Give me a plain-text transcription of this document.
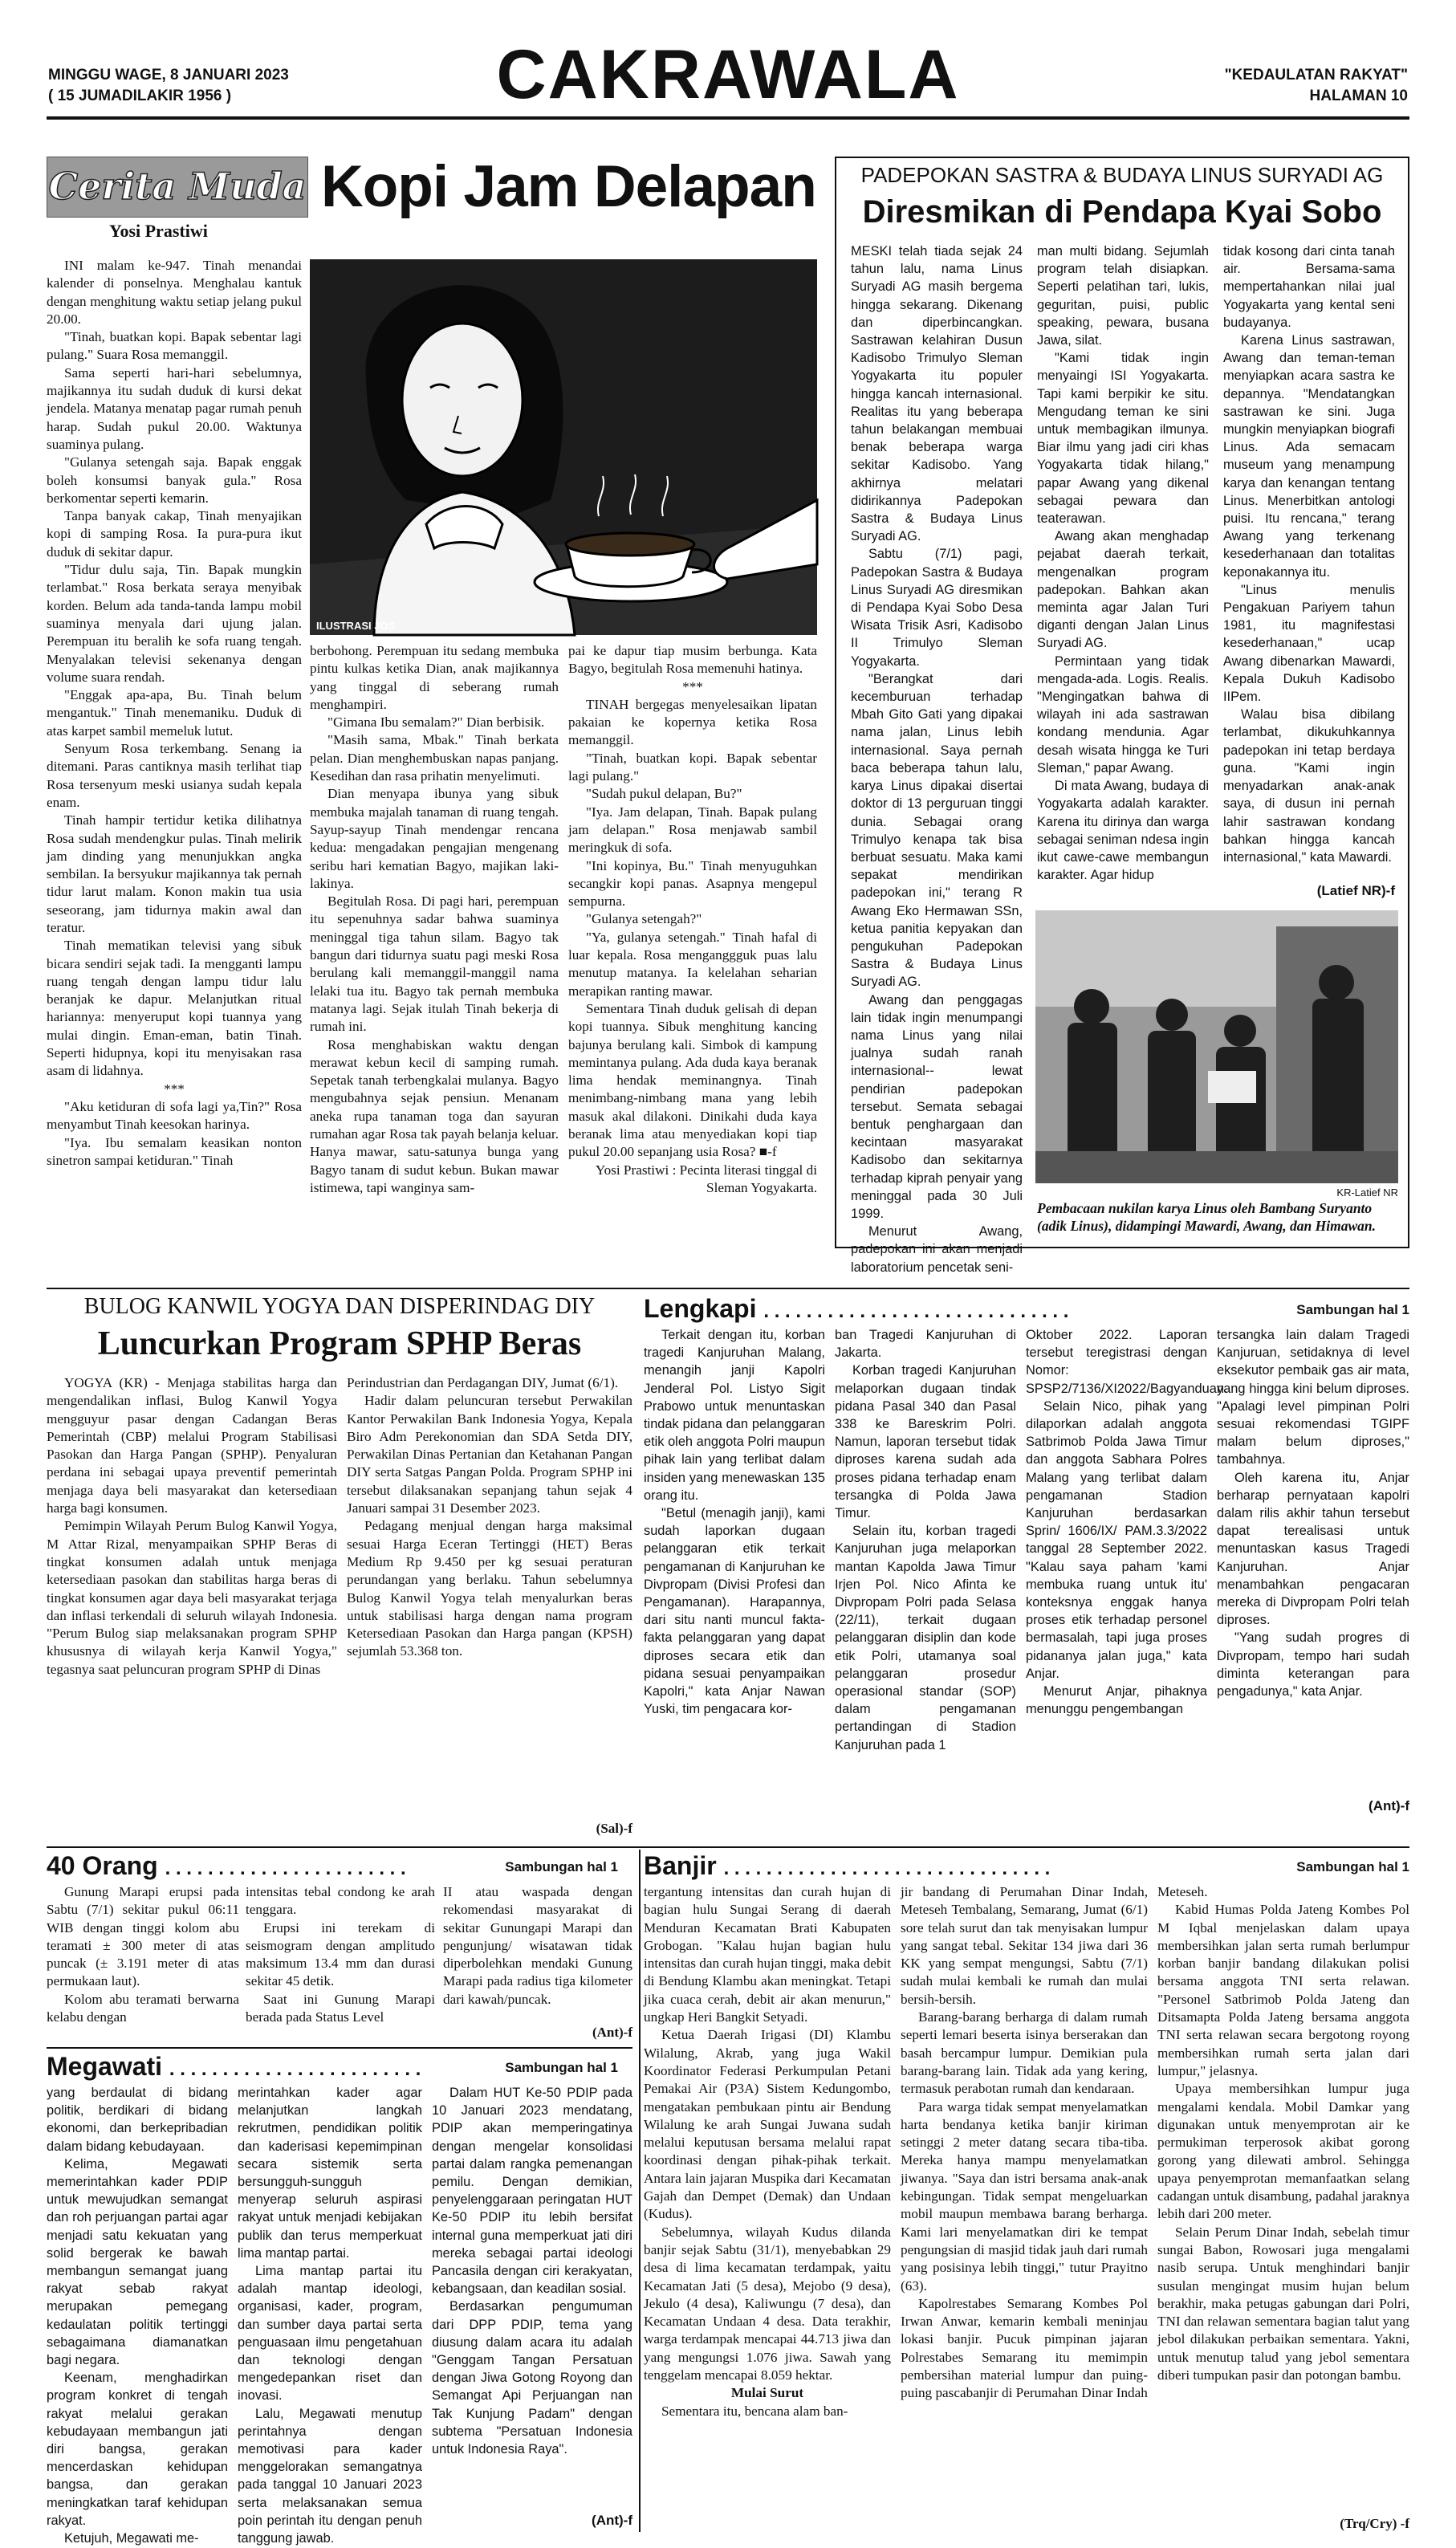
MINGGU WAGE, 8 JANUARI 2023
( 15 JUMADILAKIR 1956 )	CAKRAWALA	"KEDAULATAN RAKYAT"
HALAMAN 10
Cerita Muda Kopi Jam Delapan
Yosi Prastiwi
ILUSTRASI JOS

INI malam ke-947. Tinah menandai kalender di ponselnya. Menghalau kantuk dengan menghitung waktu setiap jelang pukul 20.00.

"Tinah, buatkan kopi. Bapak sebentar lagi pulang." Suara Rosa memanggil.

Sama seperti hari-hari sebelumnya, majikannya itu sudah duduk di kursi dekat jendela. Matanya menatap pagar rumah penuh harap. Sudah pukul 20.00. Waktunya suaminya pulang.

"Gulanya setengah saja. Bapak enggak boleh konsumsi banyak gula." Rosa berkomentar seperti kemarin.

Tanpa banyak cakap, Tinah menyajikan kopi di samping Rosa. Ia pura-pura ikut duduk di sekitar dapur.

"Tidur dulu saja, Tin. Bapak mungkin terlambat." Rosa berkata seraya menyibak korden. Belum ada tanda-tanda lampu mobil suaminya menyala dari ujung jalan. Perempuan itu beralih ke sofa ruang tengah. Menyalakan televisi sekenanya dengan volume suara rendah.

"Enggak apa-apa, Bu. Tinah belum mengantuk." Tinah menemaniku. Duduk di atas karpet sambil memeluk lutut.

Senyum Rosa terkembang. Senang ia ditemani. Paras cantiknya masih terlihat tiap Rosa tersenyum meski usianya sudah kepala enam.

Tinah hampir tertidur ketika dilihatnya Rosa sudah mendengkur pulas. Tinah melirik jam dinding yang menunjukkan angka sembilan. Ia bersyukur majikannya tak pernah tidur larut malam. Konon makin tua usia seseorang, jam tidurnya makin awal dan teratur.

Tinah mematikan televisi yang sibuk bicara sendiri sejak tadi. Ia mengganti lampu ruang tengah dengan lampu tidur lalu beranjak ke dapur. Melanjutkan ritual hariannya: menyeruput kopi tuannya yang mulai dingin. Eman-eman, batin Tinah. Seperti hidupnya, kopi itu menyisakan rasa asam di lidahnya.

***

"Aku ketiduran di sofa lagi ya,Tin?" Rosa menyambut Tinah keesokan harinya.

"Iya. Ibu semalam keasikan nonton sinetron sampai ketiduran." Tinah

berbohong. Perempuan itu sedang membuka pintu kulkas ketika Dian, anak majikannya yang tinggal di seberang rumah menghampiri.

"Gimana Ibu semalam?" Dian berbisik.

"Masih sama, Mbak." Tinah berkata pelan. Dian menghembuskan napas panjang. Kesedihan dan rasa prihatin menyelimuti.

Dian menyapa ibunya yang sibuk membuka majalah tanaman di ruang tengah. Sayup-sayup Tinah mendengar rencana kedua: mengadakan pengajian mengenang seribu hari kematian Bagyo, majikan laki-lakinya.

Begitulah Rosa. Di pagi hari, perempuan itu sepenuhnya sadar bahwa suaminya meninggal tiga tahun silam. Bagyo tak bangun dari tidurnya suatu pagi meski Rosa berulang kali memanggil-manggil nama lelaki tua itu. Bagyo tak pernah membuka matanya lagi. Sejak itulah Tinah bekerja di rumah ini.

Rosa menghabiskan waktu dengan merawat kebun kecil di samping rumah. Sepetak tanah terbengkalai mulanya. Bagyo mengubahnya sejak pensiun. Menanam aneka rupa tanaman toga dan sayuran rumahan agar Rosa tak payah belanja keluar. Hanya mawar, satu-satunya bunga yang Bagyo tanam di sudut kebun. Bukan mawar istimewa, tapi wanginya sam-

pai ke dapur tiap musim berbunga. Kata Bagyo, begitulah Rosa memenuhi hatinya.

***

TINAH bergegas menyelesaikan lipatan pakaian ke kopernya ketika Rosa memanggil.

"Tinah, buatkan kopi. Bapak sebentar lagi pulang."

"Sudah pukul delapan, Bu?"

"Iya. Jam delapan, Tinah. Bapak pulang jam delapan." Rosa menjawab sambil meringkuk di sofa.

"Ini kopinya, Bu." Tinah menyuguhkan secangkir kopi panas. Asapnya mengepul sempurna.

"Gulanya setengah?"

"Ya, gulanya setengah." Tinah hafal di luar kepala. Rosa menganggguk puas lalu menutup matanya. Ia kelelahan seharian merapikan ranting mawar.

Sementara Tinah duduk gelisah di depan kopi tuannya. Sibuk menghitung kancing bajunya berulang kali. Simbok di kampung memintanya pulang. Ada duda kaya beranak lima hendak meminangnya. Tinah menimbang-nimbang mana yang lebih masuk akal dilakoni. Dinikahi duda kaya beranak lima atau menyediakan kopi tiap pukul 20.00 sepanjang usia Rosa? ■-f

Yosi Prastiwi : Pecinta literasi tinggal di Sleman Yogyakarta.

PADEPOKAN SASTRA & BUDAYA LINUS SURYADI AG
Diresmikan di Pendapa Kyai Sobo

MESKI telah tiada sejak 24 tahun lalu, nama Linus Suryadi AG masih bergema hingga sekarang. Dikenang dan diperbincangkan. Sastrawan kelahiran Dusun Kadisobo Trimulyo Sleman Yogyakarta itu populer hingga kancah internasional. Realitas itu yang beberapa tahun belakangan membuai benak beberapa warga sekitar Kadisobo. Yang akhirnya melatari didirikannya Padepokan Sastra & Budaya Linus Suryadi AG.

Sabtu (7/1) pagi, Padepokan Sastra & Budaya Linus Suryadi AG diresmikan di Pendapa Kyai Sobo Desa Wisata Trisik Asri, Kadisobo II Trimulyo Sleman Yogyakarta.

"Berangkat dari kecemburuan terhadap Mbah Gito Gati yang dipakai nama jalan, Linus lebih internasional. Saya pernah baca beberapa tahun lalu, karya Linus dipakai disertai doktor di 13 perguruan tinggi dunia. Sebagai orang Trimulyo kenapa tak bisa berbuat sesuatu. Maka kami sepakat mendirikan padepokan ini," terang R Awang Eko Hermawan SSn, ketua panitia kepyakan dan pengukuhan Padepokan Sastra & Budaya Linus Suryadi AG.

Awang dan penggagas lain tidak ingin menumpangi nama Linus yang nilai jualnya sudah ranah internasional-- lewat pendirian padepokan tersebut. Semata sebagai bentuk penghargaan dan kecintaan masyarakat Kadisobo dan sekitarnya terhadap kiprah penyair yang meninggal pada 30 Juli 1999.

Menurut Awang, padepokan ini akan menjadi laboratorium pencetak seni-

man multi bidang. Sejumlah program telah disiapkan. Seperti pelatihan tari, lukis, geguritan, puisi, public speaking, pewara, busana Jawa, silat.

"Kami tidak ingin menyaingi ISI Yogyakarta. Tapi kami berpikir ke situ. Mengudang teman ke sini untuk membagikan ilmunya. Biar ilmu yang jadi ciri khas Yogyakarta tidak hilang," papar Awang yang dikenal sebagai pewara dan teaterawan.

Awang akan menghadap pejabat daerah terkait, mengenalkan program padepokan. Bahkan akan meminta agar Jalan Turi diganti dengan Jalan Linus Suryadi AG.

Permintaan yang tidak mengada-ada. Logis. Realis. "Mengingatkan bahwa di wilayah ini ada sastrawan kondang mendunia. Agar desah wisata hingga ke Turi Sleman," papar Awang.

Di mata Awang, budaya di Yogyakarta adalah karakter. Karena itu dirinya dan warga sebagai seniman ndesa ingin ikut cawe-cawe membangun karakter. Agar hidup

tidak kosong dari cinta tanah air. Bersama-sama mempertahankan nilai jual Yogyakarta yang kental seni budayanya.

Karena Linus sastrawan, Awang dan teman-teman menyiapkan acara sastra ke depannya. "Mendatangkan sastrawan ke sini. Juga mungkin menyiapkan biografi Linus. Ada semacam museum yang menampung karya dan kenangan tentang Linus. Menerbitkan antologi puisi. Itu rencana," terang Awang yang terkenang kesederhanaan dan totalitas keponakannya itu.

"Linus menulis Pengakuan Pariyem tahun 1981, itu magnifestasi kesederhanaan," ucap Awang dibenarkan Mawardi, Kepala Dukuh Kadisobo IIPem.

Walau bisa dibilang terlambat, dikukuhkannya padepokan ini tetap berdaya guna. "Kami ingin menyadarkan anak-anak saya, di dusun ini pernah lahir sastrawan kondang bahkan hingga kancah internasional," kata Mawardi.

(Latief NR)-f
KR-Latief NR
Pembacaan nukilan karya Linus oleh Bambang Suryanto (adik Linus), didampingi Mawardi, Awang, dan Himawan.
BULOG KANWIL YOGYA DAN DISPERINDAG DIY
Luncurkan Program SPHP Beras

YOGYA (KR) - Menjaga stabilitas harga dan mengendalikan inflasi, Bulog Kanwil Yogya mengguyur pasar dengan Cadangan Beras Pemerintah (CBP) melalui Program Stabilisasi Pasokan dan Harga Pangan (SPHP). Penyaluran perdana ini sebagai upaya preventif pemerintah menjaga daya beli masyarakat dan ketersediaan harga bagi konsumen.

Pemimpin Wilayah Perum Bulog Kanwil Yogya, M Attar Rizal, menyampaikan SPHP Beras di tingkat konsumen adalah untuk menjaga ketersediaan pasokan dan stabilitas harga beras di tingkat konsumen agar daya beli masyarakat terjaga dan inflasi terkendali di seluruh wilayah Indonesia. "Perum Bulog siap melaksanakan program SPHP khususnya di wilayah kerja Kanwil Yogya," tegasnya saat peluncuran program SPHP di Dinas

Perindustrian dan Perdagangan DIY, Jumat (6/1).

Hadir dalam peluncuran tersebut Perwakilan Kantor Perwakilan Bank Indonesia Yogya, Kepala Biro Adm Perekonomian dan SDA Setda DIY, Perwakilan Dinas Pertanian dan Ketahanan Pangan DIY serta Satgas Pangan Polda. Program SPHP ini tersebut dilaksanakan sepanjang tahun sejak 4 Januari sampai 31 Desember 2023.

Pedagang menjual dengan harga maksimal sesuai Harga Eceran Tertinggi (HET) Beras Medium Rp 9.450 per kg sesuai peraturan perundangan yang berlaku. Tahun sebelumnya Bulog Kanwil Yogya telah menyalurkan beras untuk stabilisasi harga dengan nama program Ketersediaan Pasokan dan Harga pangan (KPSH) sejumlah 53.368 ton.

(Sal)-f
Lengkapi . . . . . . . . . . . . . . . . . . . . . . . . . . . . .	Sambungan hal 1

Terkait dengan itu, korban tragedi Kanjuruhan Malang, menangih janji Kapolri Jenderal Pol. Listyo Sigit Prabowo untuk menuntaskan tindak pidana dan pelanggaran etik oleh anggota Polri maupun pihak lain yang terlibat dalam insiden yang menewaskan 135 orang itu.

"Betul (menagih janji), kami sudah laporkan dugaan pelanggaran etik terkait pengamanan di Kanjuruhan ke Divpropam (Divisi Profesi dan Pengamanan). Harapannya, dari situ nanti muncul fakta-fakta pelanggaran yang dapat diproses secara etik dan pidana sesuai penyampaikan Kapolri," kata Anjar Nawan Yuski, tim pengacara kor-

ban Tragedi Kanjuruhan di Jakarta.

Korban tragedi Kanjuruhan melaporkan dugaan tindak pidana Pasal 340 dan Pasal 338 ke Bareskrim Polri. Namun, laporan tersebut tidak diproses karena sudah ada proses pidana terhadap enam tersangka di Polda Jawa Timur.

Selain itu, korban tragedi Kanjuruhan juga melaporkan mantan Kapolda Jawa Timur Irjen Pol. Nico Afinta ke Divpropam Polri pada Selasa (22/11), terkait dugaan pelanggaran disiplin dan kode etik Polri, utamanya soal pelanggaran prosedur operasional standar (SOP) dalam pengamanan pertandingan di Stadion Kanjuruhan pada 1

Oktober 2022. Laporan tersebut teregistrasi dengan Nomor: SPSP2/7136/XI2022/Bagyanduan.

Selain Nico, pihak yang dilaporkan adalah anggota Satbrimob Polda Jawa Timur dan anggota Sabhara Polres Malang yang terlibat dalam pengamanan Stadion Kanjuruhan berdasarkan Sprin/ 1606/IX/ PAM.3.3/2022 tanggal 28 September 2022. "Kalau saya paham 'kami membuka ruang untuk itu' konteksnya enggak hanya proses etik terhadap personel bermasalah, tapi juga proses pidananya jalan juga," kata Anjar.

Menurut Anjar, pihaknya menunggu pengembangan

tersangka lain dalam Tragedi Kanjuruan, setidaknya di level eksekutor pembaik gas air mata, yang hingga kini belum diproses. "Apalagi level pimpinan Polri sesuai rekomendasi TGIPF malam belum diproses," tambahnya.

Oleh karena itu, Anjar berharap pernyataan kapolri dalam rilis akhir tahun tersebut dapat terealisasi untuk menuntaskan kasus Tragedi Kanjuruhan. Anjar menambahkan pengacaran mereka di Divpropam Polri telah diproses.

"Yang sudah progres di Divpropam, tempo hari sudah diminta keterangan para pengadunya," kata Anjar.

(Ant)-f
40 Orang . . . . . . . . . . . . . . . . . . . . . . .	Sambungan hal 1

Gunung Marapi erupsi pada Sabtu (7/1) sekitar pukul 06:11 WIB dengan tinggi kolom abu teramati ± 300 meter di atas puncak (± 3.191 meter di atas permukaan laut).

Kolom abu teramati berwarna kelabu dengan

intensitas tebal condong ke arah tenggara.

Erupsi ini terekam di seismogram dengan amplitudo maksimum 13.4 mm dan durasi sekitar 45 detik.

Saat ini Gunung Marapi berada pada Status Level

II atau waspada dengan rekomendasi masyarakat di sekitar Gunungapi Marapi dan pengunjung/ wisatawan tidak diperbolehkan mendaki Gunung Marapi pada radius tiga kilometer dari kawah/puncak.

(Ant)-f
Megawati . . . . . . . . . . . . . . . . . . . . . . . .	Sambungan hal 1

yang berdaulat di bidang politik, berdikari di bidang ekonomi, dan berkepribadian dalam bidang kebudayaan.

Kelima, Megawati memerintahkan kader PDIP untuk mewujudkan semangat dan roh perjuangan partai agar menjadi satu kekuatan yang solid bergerak ke bawah membangun semangat juang rakyat sebab rakyat merupakan pemegang kedaulatan politik tertinggi sebagaimana diamanatkan bagi negara.

Keenam, menghadirkan program konkret di tengah rakyat melalui gerakan kebudayaan membangun jati diri bangsa, gerakan mencerdaskan kehidupan bangsa, dan gerakan meningkatkan taraf kehidupan rakyat.

Ketujuh, Megawati me-

merintahkan kader agar melanjutkan langkah rekrutmen, pendidikan politik dan kaderisasi kepemimpinan secara sistemik serta bersungguh-sungguh menyerap seluruh aspirasi rakyat untuk menjadi kebijakan publik dan terus memperkuat lima mantap partai.

Lima mantap partai itu adalah mantap ideologi, organisasi, kader, program, dan sumber daya partai serta penguasaan ilmu pengetahuan dan teknologi dengan mengedepankan riset dan inovasi.

Lalu, Megawati menutup perintahnya dengan memotivasi para kader menggelorakan semangatnya pada tanggal 10 Januari 2023 serta melaksanakan semua poin perintah itu dengan penuh tanggung jawab.

Dalam HUT Ke-50 PDIP pada 10 Januari 2023 mendatang, PDIP akan memperingatinya dengan mengelar konsolidasi partai dalam rangka pemenangan pemilu. Dengan demikian, penyelenggaraan peringatan HUT Ke-50 PDIP itu lebih bersifat internal guna memperkuat jati diri mereka sebagai partai ideologi Pancasila dengan ciri kerakyatan, kebangsaan, dan keadilan sosial.

Berdasarkan pengumuman dari DPP PDIP, tema yang diusung dalam acara itu adalah "Genggam Tangan Persatuan dengan Jiwa Gotong Royong dan Semangat Api Perjuangan nan Tak Kunjung Padam" dengan subtema "Persatuan Indonesia untuk Indonesia Raya".

(Ant)-f
Banjir . . . . . . . . . . . . . . . . . . . . . . . . . . . . . . .	Sambungan hal 1

tergantung intensitas dan curah hujan di bagian hulu Sungai Serang di daerah Menduran Kecamatan Brati Kabupaten Grobogan. "Kalau hujan bagian hulu intensitas dan curah hujan tinggi, maka debit di Bendung Klambu akan meningkat. Tetapi jika cuaca cerah, debit air akan menurun," ungkap Heri Bangkit Setyadi.

Ketua Daerah Irigasi (DI) Klambu Wilalung, Akrab, yang juga Wakil Koordinator Federasi Perkumpulan Petani Pemakai Air (P3A) Sistem Kedungombo, mengatakan pembukaan pintu air Bendung Wilalung ke arah Sungai Juwana sudah melalui keputusan bersama melalui rapat koordinasi dengan pihak-pihak terkait. Antara lain jajaran Muspika dari Kecamatan Gajah dan Dempet (Demak) dan Undaan (Kudus).

Sebelumnya, wilayah Kudus dilanda banjir sejak Sabtu (31/1), menyebabkan 29 desa di lima kecamatan terdampak, yaitu Kecamatan Jati (5 desa), Mejobo (9 desa), Jekulo (4 desa), Kaliwungu (7 desa), dan Kecamatan Undaan 4 desa. Data terakhir, warga terdampak mencapai 44.713 jiwa dan yang mengungsi 1.076 jiwa. Sawah yang tenggelam mencapai 8.059 hektar.

Mulai Surut

Sementara itu, bencana alam ban-

jir bandang di Perumahan Dinar Indah, Meteseh Tembalang, Semarang, Jumat (6/1) sore telah surut dan tak menyisakan lumpur yang sangat tebal. Sekitar 134 jiwa dari 36 KK yang sempat mengungsi, Sabtu (7/1) sudah mulai kembali ke rumah dan mulai bersih-bersih.

Barang-barang berharga di dalam rumah seperti lemari beserta isinya berserakan dan basah bercampur lumpur. Demikian pula barang-barang lain. Tidak ada yang kering, termasuk perabotan rumah dan kendaraan.

Para warga tidak sempat menyelamatkan harta bendanya ketika banjir kiriman setinggi 2 meter datang secara tiba-tiba. Mereka hanya mampu menyelamatkan jiwanya. "Saya dan istri bersama anak-anak kebingungan. Tidak sempat mengeluarkan mobil maupun membawa barang berharga. Kami lari menyelamatkan diri ke tempat pengungsian di masjid tidak jauh dari rumah yang posisinya lebih tinggi," tutur Prayitno (63).

Kapolrestabes Semarang Kombes Pol Irwan Anwar, kemarin kembali meninjau lokasi banjir. Pucuk pimpinan jajaran Polrestabes Semarang itu memimpin pembersihan material lumpur dan puing-puing pascabanjir di Perumahan Dinar Indah

Meteseh.

Kabid Humas Polda Jateng Kombes Pol M Iqbal menjelaskan dalam upaya membersihkan jalan serta rumah berlumpur korban banjir bandang dilakukan polisi bersama anggota TNI serta relawan. "Personel Satbrimob Polda Jateng dan Ditsamapta Polda Jateng bersama anggota TNI serta relawan secara bergotong royong membersihkan rumah serta jalan dari lumpur," jelasnya.

Upaya membersihkan lumpur juga mengalami kendala. Mobil Damkar yang digunakan untuk menyemprotan air ke permukiman terperosok akibat gorong gorong yang dilewati ambrol. Sehingga upaya penyemprotan memanfaatkan selang cadangan untuk disambung, padahal jaraknya lebih dari 200 meter.

Selain Perum Dinar Indah, sebelah timur sungai Babon, Rowosari juga mengalami nasib serupa. Untuk menghindari banjir susulan mengingat musim hujan belum berakhir, maka petugas gabungan dari Polri, TNI dan relawan sementara bagian talut yang jebol dilakukan perbaikan sementara. Yakni, untuk menutup talud yang jebol sementara diberi tumpukan pasir dan potongan bambu.

(Trq/Cry) -f
